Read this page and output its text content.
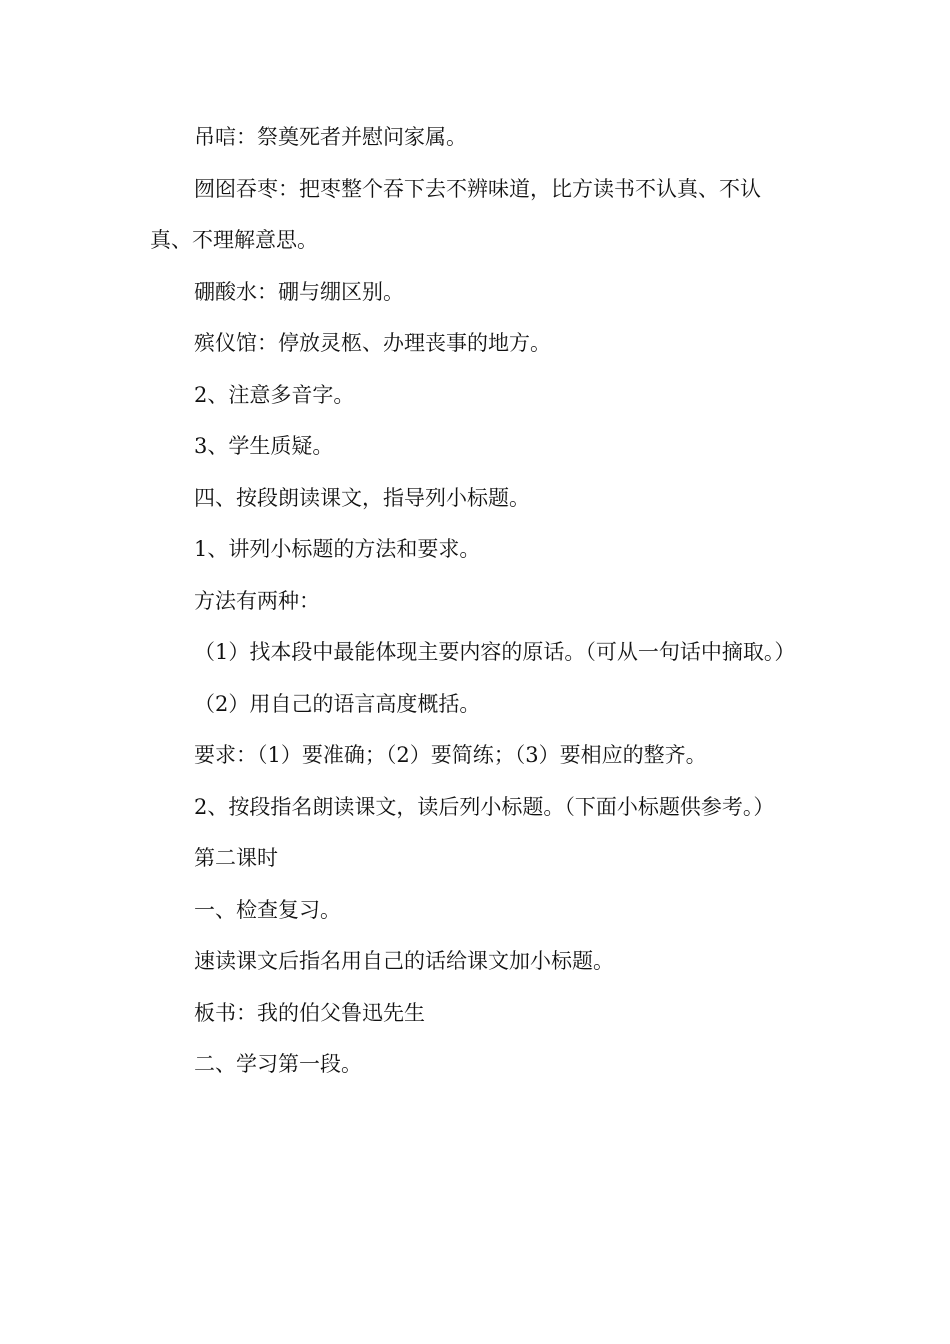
吊唁：祭奠死者并慰问家属。

囫囵吞枣：把枣整个吞下去不辨味道，比方读书不认真、不认真、不理解意思。

硼酸水：硼与绷区别。

殡仪馆：停放灵柩、办理丧事的地方。

2、注意多音字。

3、学生质疑。

四、按段朗读课文，指导列小标题。

1、讲列小标题的方法和要求。

方法有两种：

（1）找本段中最能体现主要内容的原话。（可从一句话中摘取。）

（2）用自己的语言高度概括。

要求：（1）要准确；（2）要简练；（3）要相应的整齐。

2、按段指名朗读课文，读后列小标题。（下面小标题供参考。）

第二课时

一、检查复习。

速读课文后指名用自己的话给课文加小标题。

板书：我的伯父鲁迅先生

二、学习第一段。
